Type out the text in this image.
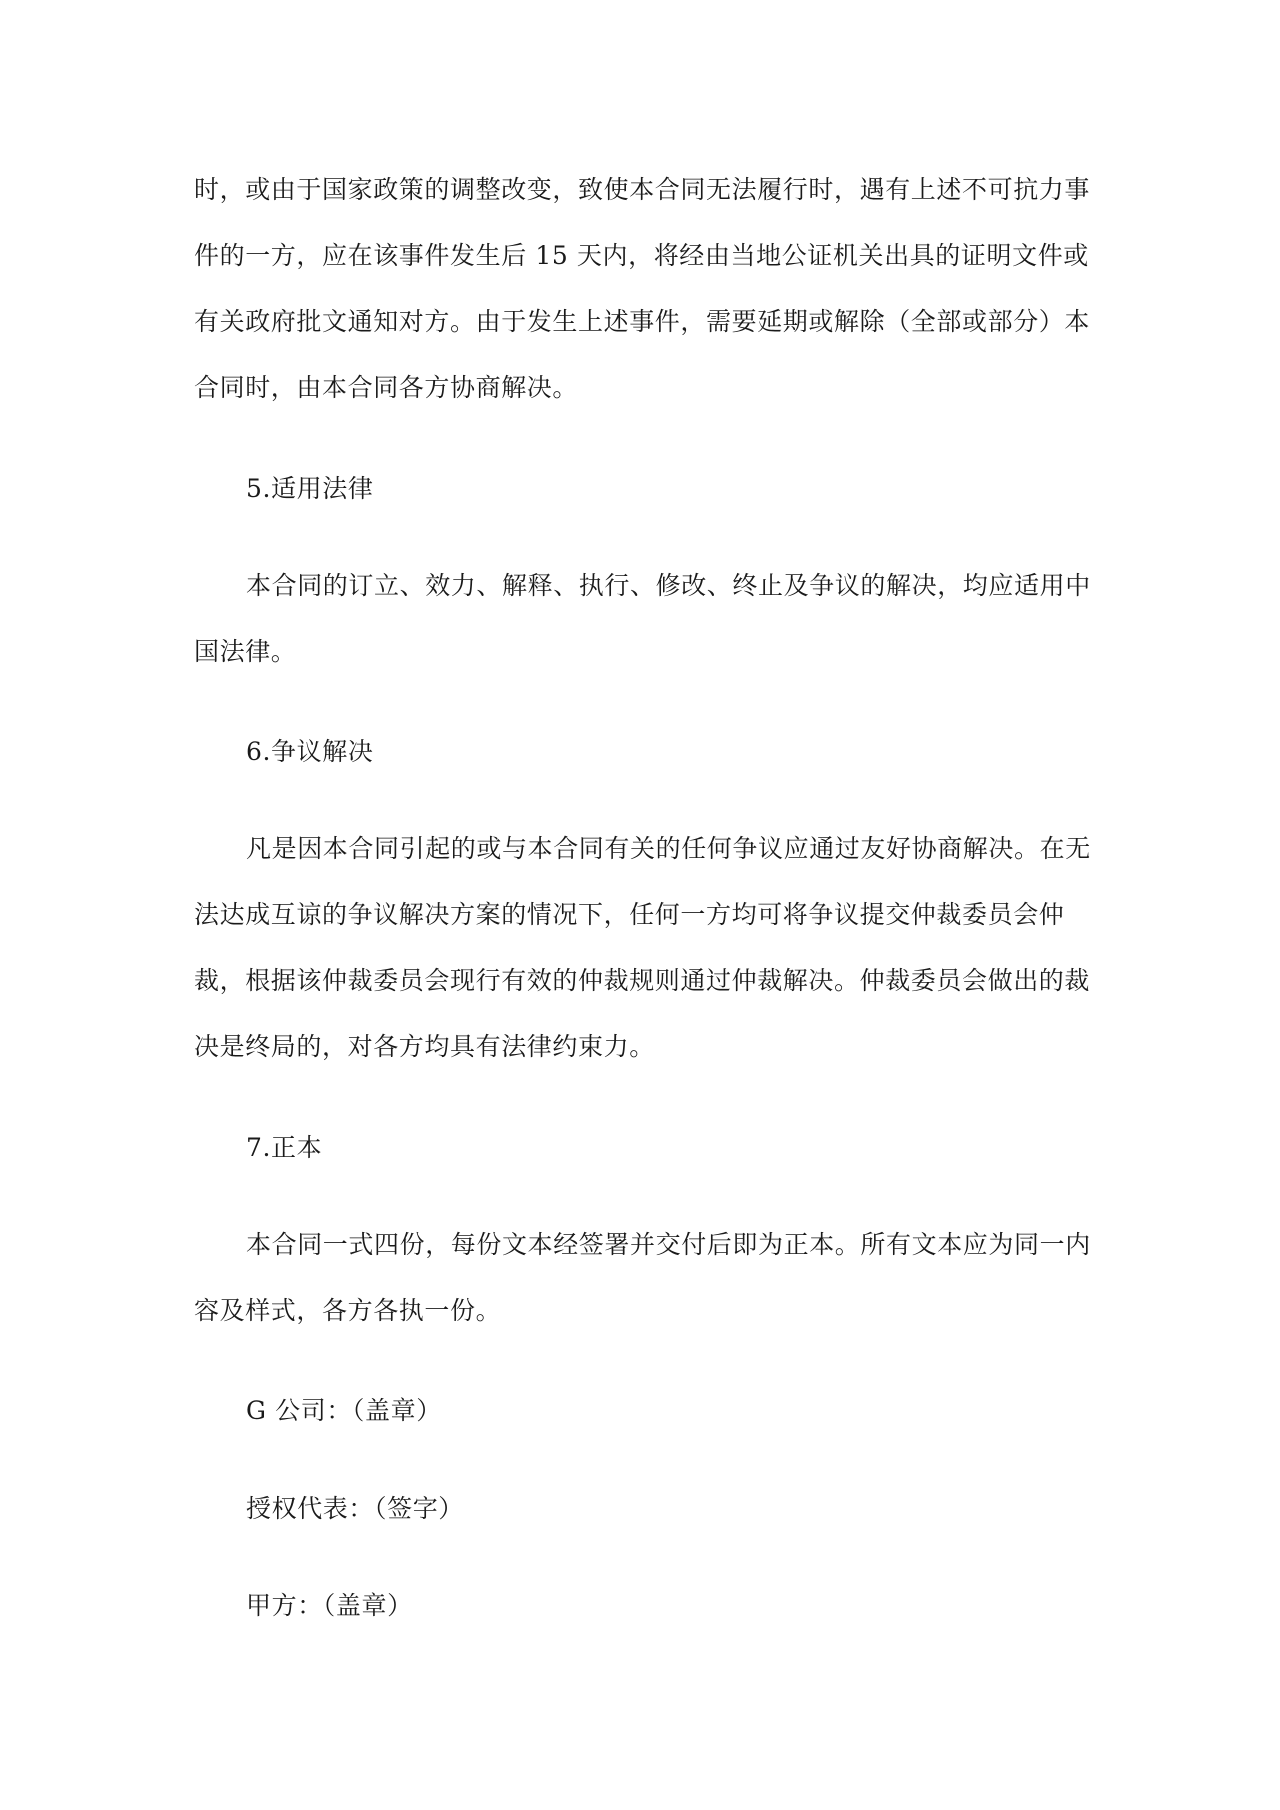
时，或由于国家政策的调整改变，致使本合同无法履行时，遇有上述不可抗力事件的一方，应在该事件发生后 15 天内，将经由当地公证机关出具的证明文件或有关政府批文通知对方。由于发生上述事件，需要延期或解除（全部或部分）本合同时，由本合同各方协商解决。

5.适用法律

本合同的订立、效力、解释、执行、修改、终止及争议的解决，均应适用中国法律。

6.争议解决

凡是因本合同引起的或与本合同有关的任何争议应通过友好协商解决。在无法达成互谅的争议解决方案的情况下，任何一方均可将争议提交仲裁委员会仲裁，根据该仲裁委员会现行有效的仲裁规则通过仲裁解决。仲裁委员会做出的裁决是终局的，对各方均具有法律约束力。

7.正本

本合同一式四份，每份文本经签署并交付后即为正本。所有文本应为同一内容及样式，各方各执一份。

G 公司：（盖章）

授权代表：（签字）

甲方：（盖章）
